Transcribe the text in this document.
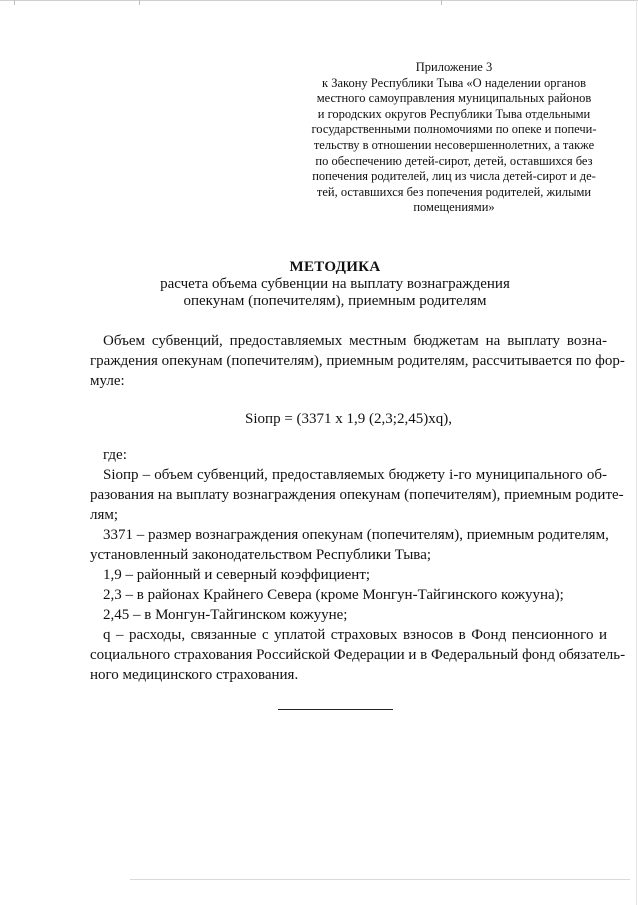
Приложение 3
к Закону Республики Тыва «О наделении органов
местного самоуправления муниципальных районов
и городских округов Республики Тыва отдельными
государственными полномочиями по опеке и попечи-
тельству в отношении несовершеннолетних, а также
по обеспечению детей-сирот, детей, оставшихся без
попечения родителей, лиц из числа детей-сирот и де-
тей, оставшихся без попечения родителей, жилыми
помещениями»
МЕТОДИКА
расчета объема субвенции на выплату вознаграждения
опекунам (попечителям), приемным родителям
Объем субвенций, предоставляемых местным бюджетам на выплату возна-
граждения опекунам (попечителям), приемным родителям, рассчитывается по фор-
муле:
Siопр = (3371 x 1,9 (2,3;2,45)xq),
где:
Siопр – объем субвенций, предоставляемых бюджету i-го муниципального об-
разования на выплату вознаграждения опекунам (попечителям), приемным родите-
лям;
3371 – размер вознаграждения опекунам (попечителям), приемным родителям,
установленный законодательством Республики Тыва;
1,9 – районный и северный коэффициент;
2,3 – в районах Крайнего Севера (кроме Монгун-Тайгинского кожууна);
2,45 – в Монгун-Тайгинском кожууне;
q – расходы, связанные с уплатой страховых взносов в Фонд пенсионного и
социального страхования Российской Федерации и в Федеральный фонд обязатель-
ного медицинского страхования.
